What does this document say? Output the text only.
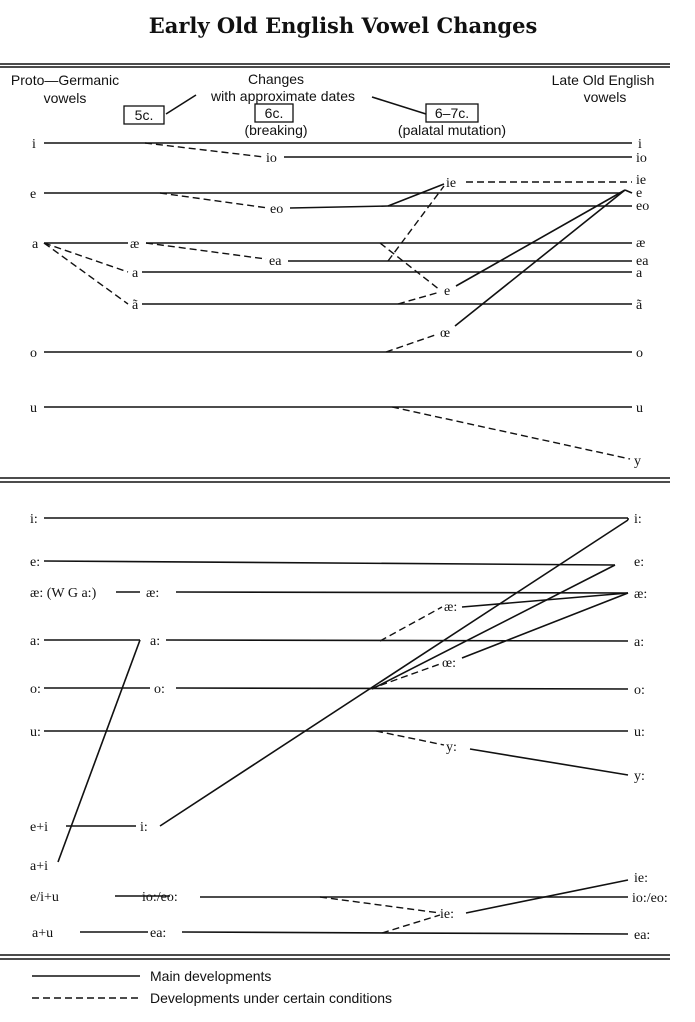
Early Old English Vowel Changes
Proto—Germanic
vowels
Changes
with approximate dates
Late Old English
vowels
5c.	6c.	6–7c.
(breaking)	(palatal mutation)
i
e
a
o
u
io
ie
eo
æ
ea
a
e
ã
œ
i
io
ie
e
eo
æ
ea
a
ã
o
u
y
i:
e:
æ: (W G a:)
a:
o:
u:
e+i
a+i
e/i+u
a+u
æ:
a:
æ:
o:
œ:
y:
i:
io:/eo:
ie:
ea:
i:
e:
æ:
a:
o:
u:
y:
ie:
io:/eo:
ea:
Main developments
Developments under certain conditions
